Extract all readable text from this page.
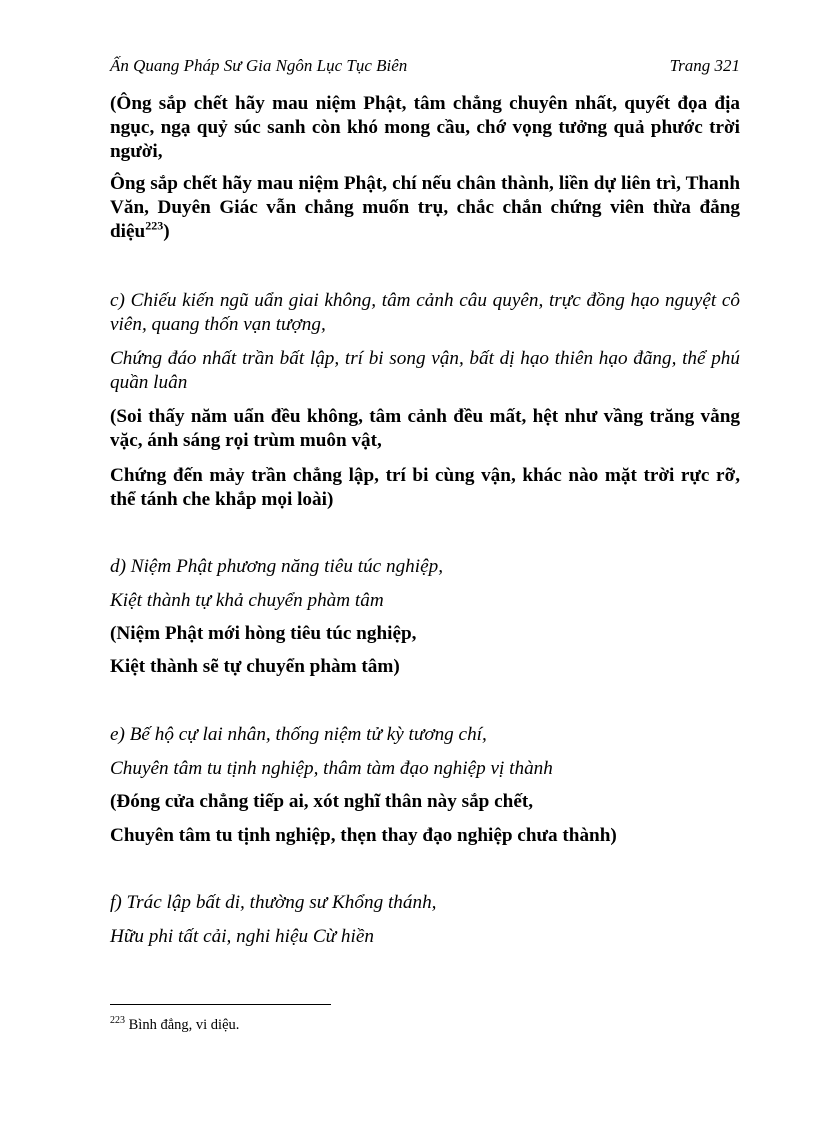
Ấn Quang Pháp Sư Gia Ngôn Lục Tục Biên	Trang 321
(Ông sắp chết hãy mau niệm Phật, tâm chẳng chuyên nhất, quyết đọa địa ngục, ngạ quỷ súc sanh còn khó mong cầu, chớ vọng tưởng quả phước trời người,
Ông sắp chết hãy mau niệm Phật, chí nếu chân thành, liền dự liên trì, Thanh Văn, Duyên Giác vẫn chẳng muốn trụ, chắc chắn chứng viên thừa đẳng diệu$^{223}$)
c) Chiếu kiến ngũ uẩn giai không, tâm cảnh câu quyên, trực đồng hạo nguyệt cô viên, quang thốn vạn tượng,
Chứng đáo nhất trần bất lập, trí bi song vận, bất dị hạo thiên hạo đãng, thể phú quần luân
(Soi thấy năm uẩn đều không, tâm cảnh đều mất, hệt như vầng trăng vằng vặc, ánh sáng rọi trùm muôn vật,
Chứng đến mảy trần chẳng lập, trí bi cùng vận, khác nào mặt trời rực rỡ, thể tánh che khắp mọi loài)
d) Niệm Phật phương năng tiêu túc nghiệp,
Kiệt thành tự khả chuyển phàm tâm
(Niệm Phật mới hòng tiêu túc nghiệp,
Kiệt thành sẽ tự chuyển phàm tâm)
e) Bế hộ cự lai nhân, thống niệm tử kỳ tương chí,
Chuyên tâm tu tịnh nghiệp, thâm tàm đạo nghiệp vị thành
(Đóng cửa chẳng tiếp ai, xót nghĩ thân này sắp chết,
Chuyên tâm tu tịnh nghiệp, thẹn thay đạo nghiệp chưa thành)
f) Trác lập bất di, thường sư Khổng thánh,
Hữu phi tất cải, nghi hiệu Cừ hiền
$^{223}$ Bình đẳng, vi diệu.
